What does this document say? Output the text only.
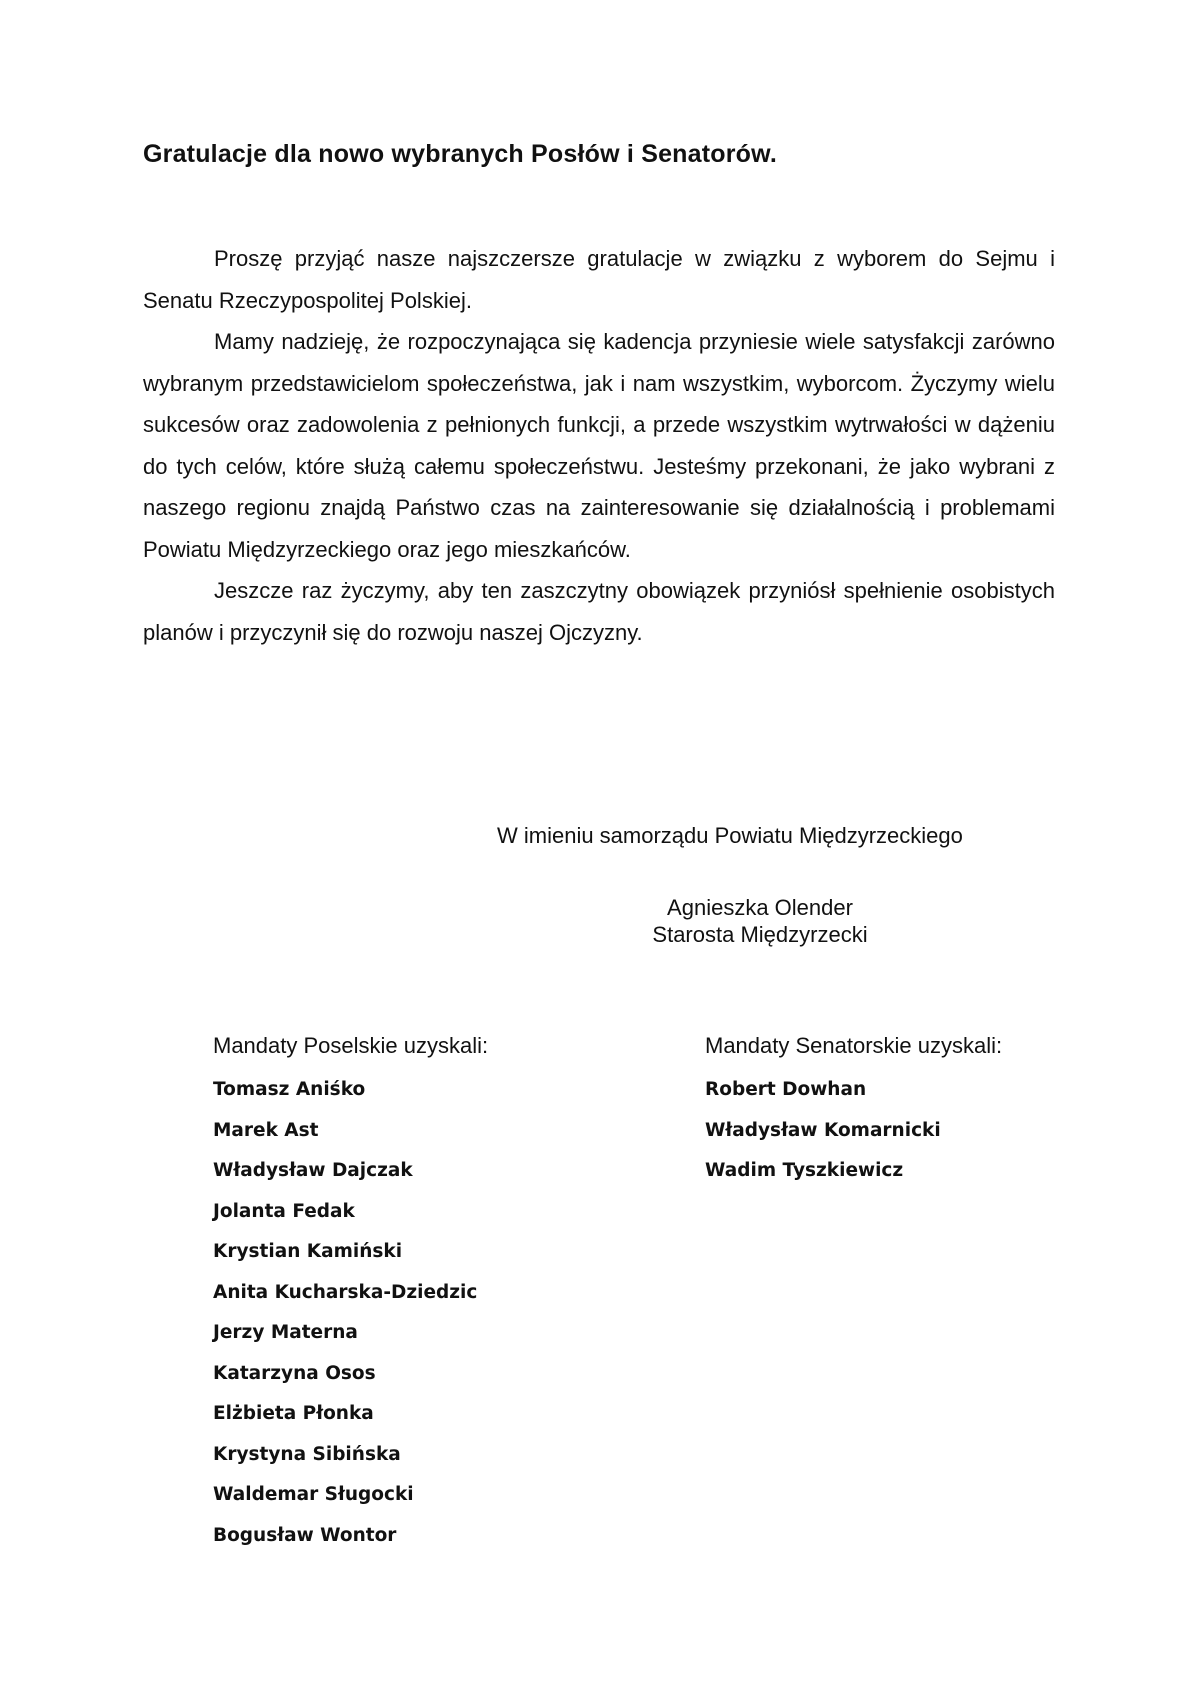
Gratulacje dla nowo wybranych Posłów i Senatorów.

Proszę przyjąć nasze najszczersze gratulacje w związku z wyborem do Sejmu i Senatu Rzeczypospolitej Polskiej.

Mamy nadzieję, że rozpoczynająca się kadencja przyniesie wiele satysfakcji zarówno wybranym przedstawicielom społeczeństwa, jak i nam wszystkim, wyborcom. Życzymy wielu sukcesów oraz zadowolenia z pełnionych funkcji, a przede wszystkim wytrwałości w dążeniu do tych celów, które służą całemu społeczeństwu. Jesteśmy przekonani, że jako wybrani z naszego regionu znajdą Państwo czas na zainteresowanie się działalnością i problemami Powiatu Międzyrzeckiego oraz jego mieszkańców.

Jeszcze raz życzymy, aby ten zaszczytny obowiązek przyniósł spełnienie osobistych planów i przyczynił się do rozwoju naszej Ojczyzny.

W imieniu samorządu Powiatu Międzyrzeckiego
Agnieszka Olender
Starosta Międzyrzecki
Mandaty Poselskie uzyskali:
Tomasz Aniśko
Marek Ast
Władysław Dajczak
Jolanta Fedak
Krystian Kamiński
Anita Kucharska-Dziedzic
Jerzy Materna
Katarzyna Osos
Elżbieta Płonka
Krystyna Sibińska
Waldemar Sługocki
Bogusław Wontor
Mandaty Senatorskie uzyskali:
Robert Dowhan
Władysław Komarnicki
Wadim Tyszkiewicz
